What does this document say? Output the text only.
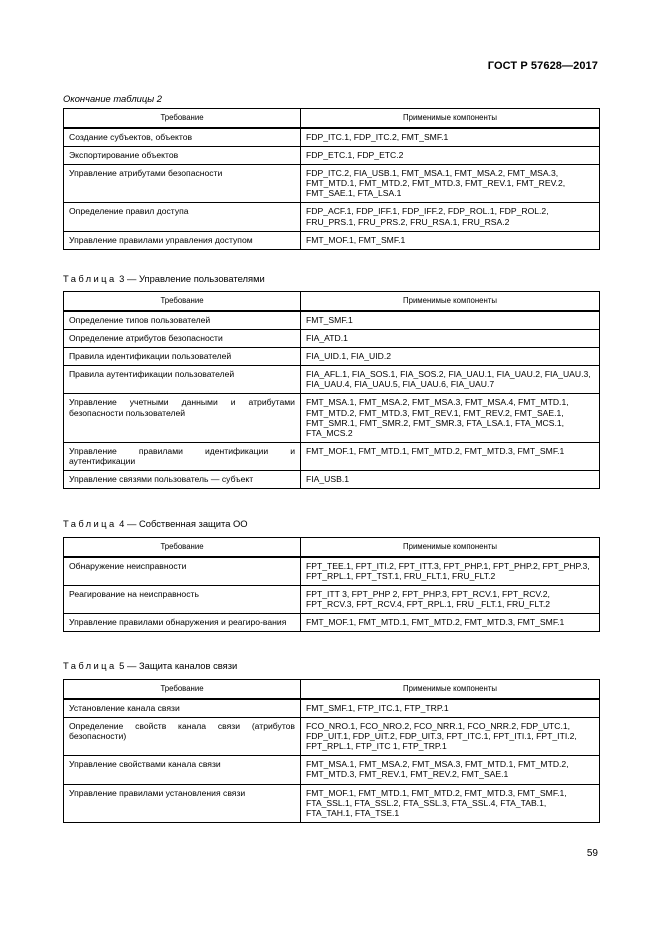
ГОСТ Р 57628—2017
Окончание таблицы 2
Требование	Применимые компоненты
Создание субъектов, объектов	FDP_ITC.1, FDP_ITC.2, FMT_SMF.1
Экспортирование объектов	FDP_ETC.1, FDP_ETC.2
Управление атрибутами безопасности	FDP_ITC.2, FIA_USB.1, FMT_MSA.1, FMT_MSA.2, FMT_MSA.3, FMT_MTD.1, FMT_MTD.2, FMT_MTD.3, FMT_REV.1, FMT_REV.2, FMT_SAE.1, FTA_LSA.1
Определение правил доступа	FDP_ACF.1, FDP_IFF.1, FDP_IFF.2, FDP_ROL.1, FDP_ROL.2, FRU_PRS.1, FRU_PRS.2, FRU_RSA.1, FRU_RSA.2
Управление правилами управления доступом	FMT_MOF.1, FMT_SMF.1
Таблица 3 — Управление пользователями
Требование	Применимые компоненты
Определение типов пользователей	FMT_SMF.1
Определение атрибутов безопасности	FIA_ATD.1
Правила идентификации пользователей	FIA_UID.1, FIA_UID.2
Правила аутентификации пользователей	FIA_AFL.1, FIA_SOS.1, FIA_SOS.2, FIA_UAU.1, FIA_UAU.2, FIA_UAU.3, FIA_UAU.4, FIA_UAU.5, FIA_UAU.6, FIA_UAU.7
Управление учетными данными и атрибутами безопасности пользователей	FMT_MSA.1, FMT_MSA.2, FMT_MSA.3, FMT_MSA.4, FMT_MTD.1, FMT_MTD.2, FMT_MTD.3, FMT_REV.1, FMT_REV.2, FMT_SAE.1, FMT_SMR.1, FMT_SMR.2, FMT_SMR.3, FTA_LSA.1, FTA_MCS.1, FTA_MCS.2
Управление правилами идентификации и аутентификации	FMT_MOF.1, FMT_MTD.1, FMT_MTD.2, FMT_MTD.3, FMT_SMF.1
Управление связями пользователь — субъект	FIA_USB.1
Таблица 4 — Собственная защита ОО
Требование	Применимые компоненты
Обнаружение неисправности	FPT_TEE.1, FPT_ITI.2, FPT_ITT.3, FPT_PHP.1, FPT_PHP.2, FPT_PHP.3, FPT_RPL.1, FPT_TST.1, FRU_FLT.1, FRU_FLT.2
Реагирование на неисправность	FPT_ITT 3, FPT_PHP 2, FPT_PHP.3, FPT_RCV.1, FPT_RCV.2, FPT_RCV.3, FPT_RCV.4, FPT_RPL.1, FRU _FLT.1, FRU_FLT.2
Управление правилами обнаружения и реагиро-вания	FMT_MOF.1, FMT_MTD.1, FMT_MTD.2, FMT_MTD.3, FMT_SMF.1
Таблица 5 — Защита каналов связи
Требование	Применимые компоненты
Установление канала связи	FMT_SMF.1, FTP_ITC.1, FTP_TRP.1
Определение свойств канала связи (атрибутов безопасности)	FCO_NRO.1, FCO_NRO.2, FCO_NRR.1, FCO_NRR.2, FDP_UTC.1, FDP_UIT.1, FDP_UIT.2, FDP_UIT.3, FPT_ITC.1, FPT_ITI.1, FPT_ITI.2, FPT_RPL.1, FTP_ITC 1, FTP_TRP.1
Управление свойствами канала связи	FMT_MSA.1, FMT_MSA.2, FMT_MSA.3, FMT_MTD.1, FMT_MTD.2, FMT_MTD.3, FMT_REV.1, FMT_REV.2, FMT_SAE.1
Управление правилами установления связи	FMT_MOF.1, FMT_MTD.1, FMT_MTD.2, FMT_MTD.3, FMT_SMF.1, FTA_SSL.1, FTA_SSL.2, FTA_SSL.3, FTA_SSL.4, FTA_TAB.1, FTA_TAH.1, FTA_TSE.1
59
